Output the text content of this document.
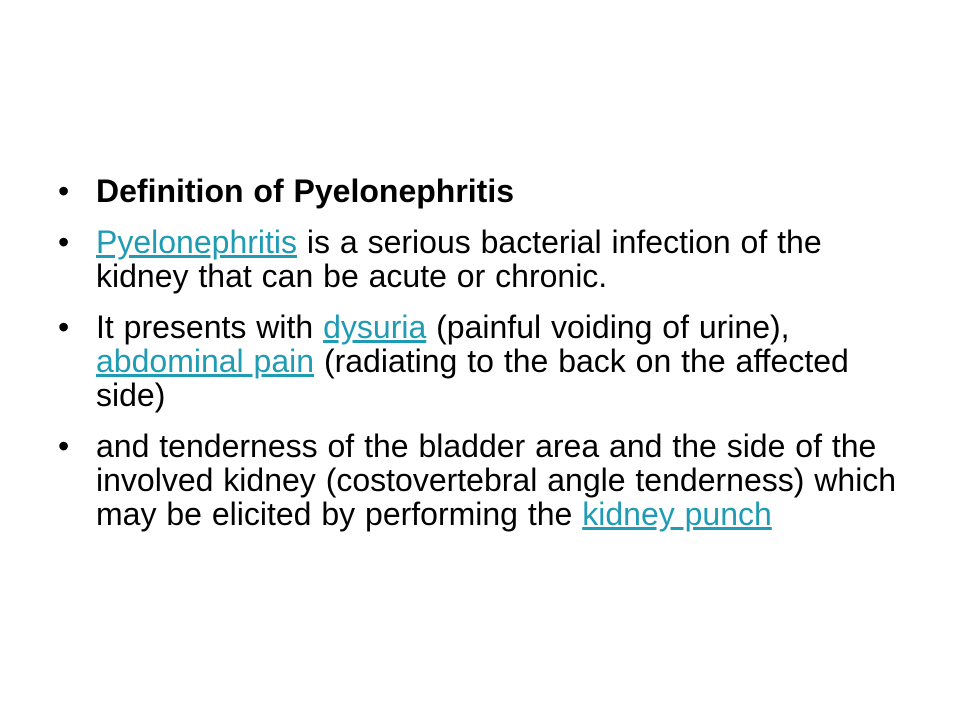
• Definition of Pyelonephritis
• Pyelonephritis is a serious bacterial infection of the kidney that can be acute or chronic.
• It presents with dysuria (painful voiding of urine), abdominal pain (radiating to the back on the affected side)
• and tenderness of the bladder area and the side of the involved kidney (costovertebral angle tenderness) which may be elicited by performing the kidney punch
